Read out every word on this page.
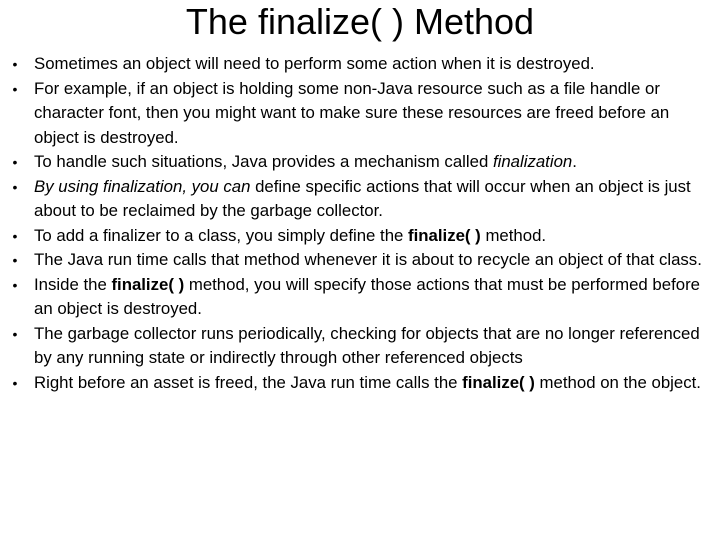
The finalize( ) Method
• Sometimes an object will need to perform some action when it is destroyed.
• For example, if an object is holding some non-Java resource such as a file handle or character font, then you might want to make sure these resources are freed before an object is destroyed.
• To handle such situations, Java provides a mechanism called finalization.
• By using finalization, you can define specific actions that will occur when an object is just about to be reclaimed by the garbage collector.
• To add a finalizer to a class, you simply define the finalize( ) method.
• The Java run time calls that method whenever it is about to recycle an object of that class.
• Inside the finalize( ) method, you will specify those actions that must be performed before an object is destroyed.
• The garbage collector runs periodically, checking for objects that are no longer referenced by any running state or indirectly through other referenced objects
• Right before an asset is freed, the Java run time calls the finalize( ) method on the object.
